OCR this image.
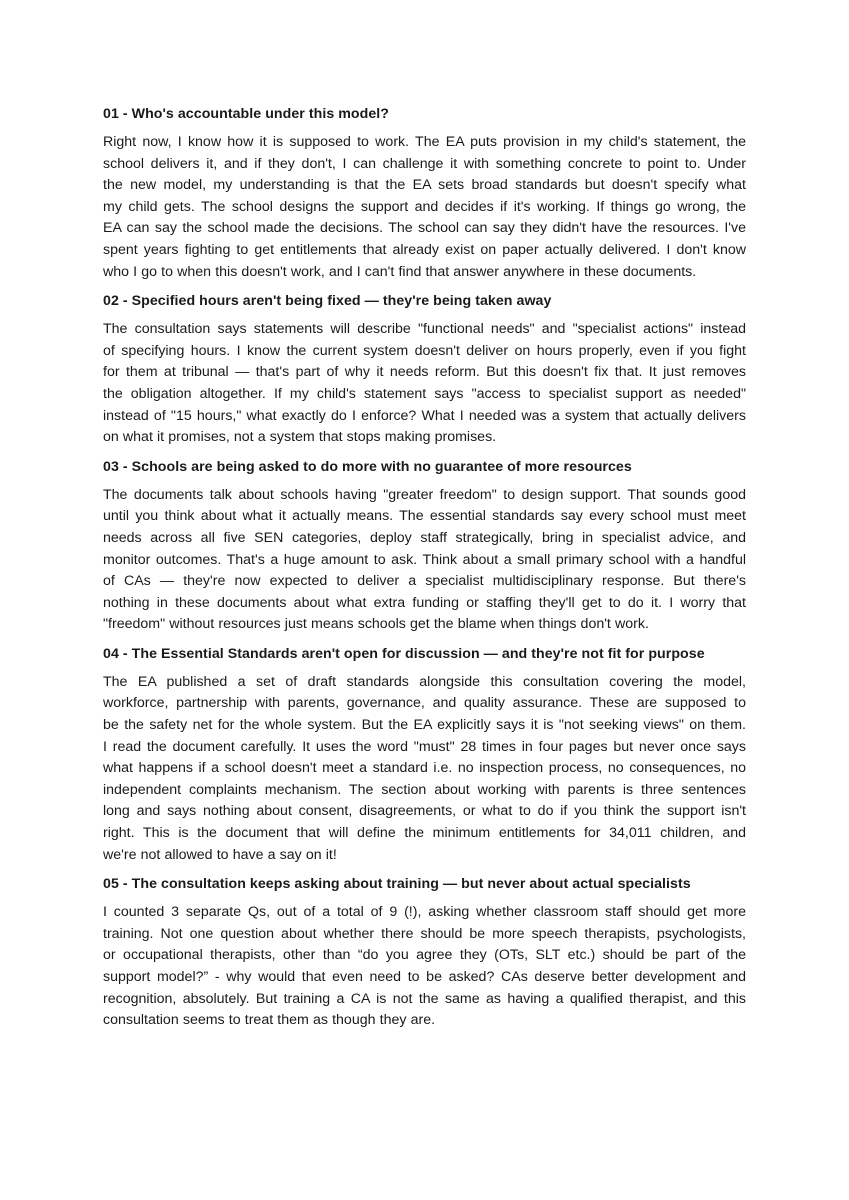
01 - Who's accountable under this model?
Right now, I know how it is supposed to work. The EA puts provision in my child's statement, the
school delivers it, and if they don't, I can challenge it with something concrete to point to. Under
the new model, my understanding is that the EA sets broad standards but doesn't specify what
my child gets. The school designs the support and decides if it's working. If things go wrong, the
EA can say the school made the decisions. The school can say they didn't have the resources. I've
spent years fighting to get entitlements that already exist on paper actually delivered. I don't know
who I go to when this doesn't work, and I can't find that answer anywhere in these documents.
02 - Specified hours aren't being fixed — they're being taken away
The consultation says statements will describe "functional needs" and "specialist actions" instead
of specifying hours. I know the current system doesn't deliver on hours properly, even if you fight
for them at tribunal — that's part of why it needs reform. But this doesn't fix that. It just removes
the obligation altogether. If my child's statement says "access to specialist support as needed"
instead of "15 hours," what exactly do I enforce? What I needed was a system that actually delivers
on what it promises, not a system that stops making promises.
03 - Schools are being asked to do more with no guarantee of more resources
The documents talk about schools having "greater freedom" to design support. That sounds good
until you think about what it actually means. The essential standards say every school must meet
needs across all five SEN categories, deploy staff strategically, bring in specialist advice, and
monitor outcomes. That's a huge amount to ask. Think about a small primary school with a handful
of CAs — they're now expected to deliver a specialist multidisciplinary response. But there's
nothing in these documents about what extra funding or staffing they'll get to do it. I worry that
"freedom" without resources just means schools get the blame when things don't work.
04 - The Essential Standards aren't open for discussion — and they're not fit for purpose
The EA published a set of draft standards alongside this consultation covering the model,
workforce, partnership with parents, governance, and quality assurance. These are supposed to
be the safety net for the whole system. But the EA explicitly says it is "not seeking views" on them.
I read the document carefully. It uses the word "must" 28 times in four pages but never once says
what happens if a school doesn't meet a standard i.e. no inspection process, no consequences, no
independent complaints mechanism. The section about working with parents is three sentences
long and says nothing about consent, disagreements, or what to do if you think the support isn't
right. This is the document that will define the minimum entitlements for 34,011 children, and
we're not allowed to have a say on it!
05 - The consultation keeps asking about training — but never about actual specialists
I counted 3 separate Qs, out of a total of 9 (!), asking whether classroom staff should get more
training. Not one question about whether there should be more speech therapists, psychologists,
or occupational therapists, other than “do you agree they (OTs, SLT etc.) should be part of the
support model?” - why would that even need to be asked? CAs deserve better development and
recognition, absolutely. But training a CA is not the same as having a qualified therapist, and this
consultation seems to treat them as though they are.
